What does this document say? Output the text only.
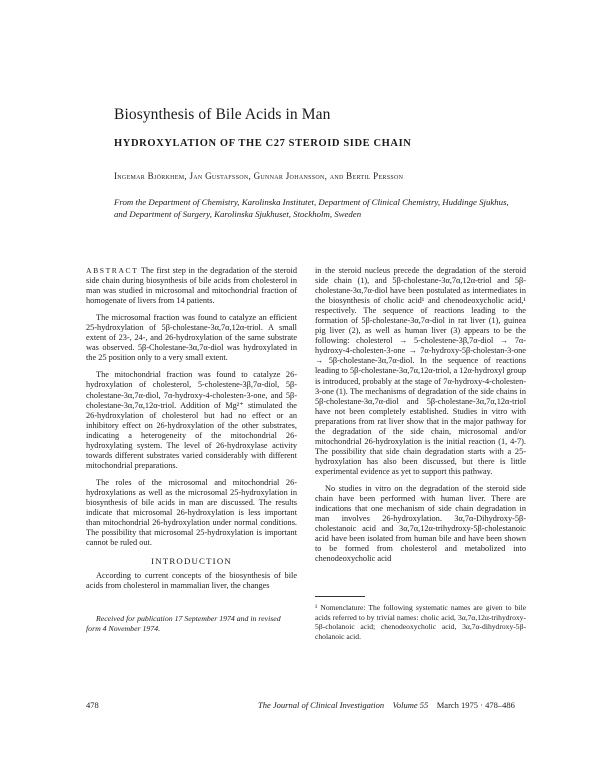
Biosynthesis of Bile Acids in Man
HYDROXYLATION OF THE C27 STEROID SIDE CHAIN
Ingemar Björkhem, Jan Gustafsson, Gunnar Johansson, and Bertil Persson
From the Department of Chemistry, Karolinska Institutet, Department of Clinical Chemistry, Huddinge Sjukhus, and Department of Surgery, Karolinska Sjukhuset, Stockholm, Sweden

ABSTRACT The first step in the degradation of the steroid side chain during biosynthesis of bile acids from cholesterol in man was studied in microsomal and mitochondrial fraction of homogenate of livers from 14 patients.

The microsomal fraction was found to catalyze an efficient 25-hydroxylation of 5β-cholestane-3α,7α,12α-triol. A small extent of 23-, 24-, and 26-hydroxylation of the same substrate was observed. 5β-Cholestane-3α,7α-diol was hydroxylated in the 25 position only to a very small extent.

The mitochondrial fraction was found to catalyze 26-hydroxylation of cholesterol, 5-cholestene-3β,7α-diol, 5β-cholestane-3α,7α-diol, 7α-hydroxy-4-cholesten-3-one, and 5β-cholestane-3α,7α,12α-triol. Addition of Mg²⁺ stimulated the 26-hydroxylation of cholesterol but had no effect or an inhibitory effect on 26-hydroxylation of the other substrates, indicating a heterogeneity of the mitochondrial 26-hydroxylating system. The level of 26-hydroxylase activity towards different substrates varied considerably with different mitochondrial preparations.

The roles of the microsomal and mitochondrial 26-hydroxylations as well as the microsomal 25-hydroxylation in biosynthesis of bile acids in man are discussed. The results indicate that microsomal 26-hydroxylation is less important than mitochondrial 26-hydroxylation under normal conditions. The possibility that microsomal 25-hydroxylation is important cannot be ruled out.

INTRODUCTION

According to current concepts of the biosynthesis of bile acids from cholesterol in mammalian liver, the changes

Received for publication 17 September 1974 and in revised form 4 November 1974.

in the steroid nucleus precede the degradation of the steroid side chain (1), and 5β-cholestane-3α,7α,12α-triol and 5β-cholestane-3α,7α-diol have been postulated as intermediates in the biosynthesis of cholic acid¹ and chenodeoxycholic acid,¹ respectively. The sequence of reactions leading to the formation of 5β-cholestane-3α,7α-diol in rat liver (1), guinea pig liver (2), as well as human liver (3) appears to be the following: cholesterol → 5-cholestene-3β,7α-diol → 7α-hydroxy-4-cholesten-3-one → 7α-hydroxy-5β-cholestan-3-one → 5β-cholestane-3α,7α-diol. In the sequence of reactions leading to 5β-cholestane-3α,7α,12α-triol, a 12α-hydroxyl group is introduced, probably at the stage of 7α-hydroxy-4-cholesten-3-one (1). The mechanisms of degradation of the side chains in 5β-cholestane-3α,7α-diol and 5β-cholestane-3α,7α,12α-triol have not been completely established. Studies in vitro with preparations from rat liver show that in the major pathway for the degradation of the side chain, microsomal and/or mitochondrial 26-hydroxylation is the initial reaction (1, 4-7). The possibility that side chain degradation starts with a 25-hydroxylation has also been discussed, but there is little experimental evidence as yet to support this pathway.

No studies in vitro on the degradation of the steroid side chain have been performed with human liver. There are indications that one mechanism of side chain degradation in man involves 26-hydroxylation. 3α,7α-Dihydroxy-5β-cholestanoic acid and 3α,7α,12α-trihydroxy-5β-cholestanoic acid have been isolated from human bile and have been shown to be formed from cholesterol and metabolized into chenodeoxycholic acid

¹ Nomenclature: The following systematic names are given to bile acids referred to by trivial names: cholic acid, 3α,7α,12α-trihydroxy-5β-cholanoic acid; chenodeoxycholic acid, 3α,7α-dihydroxy-5β-cholanoic acid.
478	The Journal of Clinical Investigation Volume 55 March 1975 · 478–486
